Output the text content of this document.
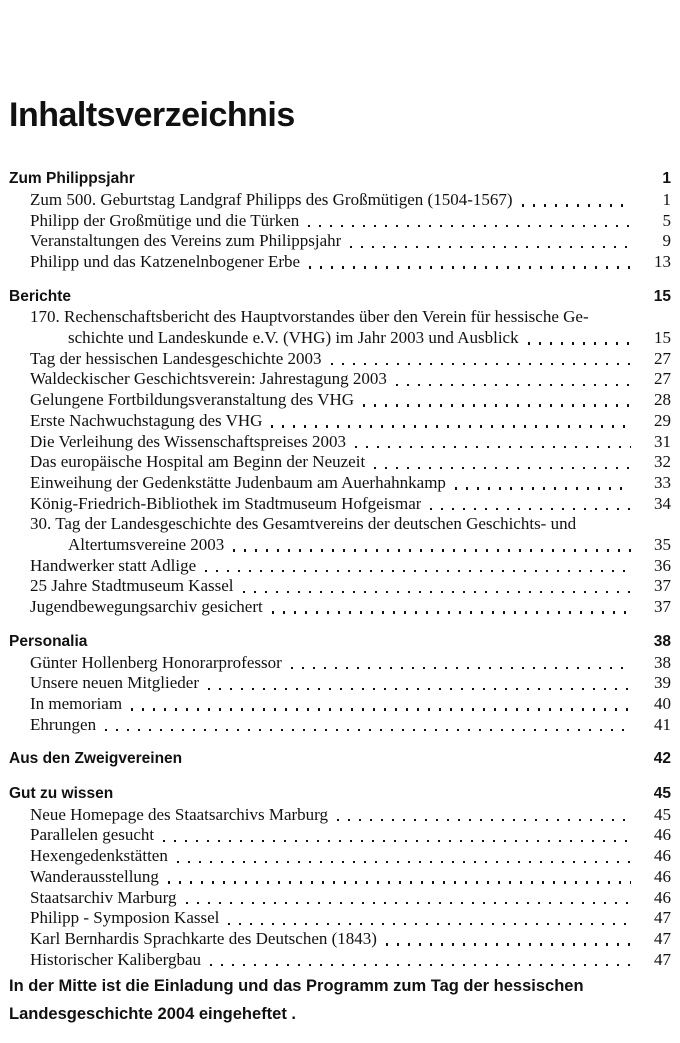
Inhaltsverzeichnis
Zum Philippsjahr	1
Zum 500. Geburtstag Landgraf Philipps des Großmütigen (1504-1567)	1
Philipp der Großmütige und die Türken	5
Veranstaltungen des Vereins zum Philippsjahr	9
Philipp und das Katzenelnbogener Erbe	13
Berichte	15
170. Rechenschaftsbericht des Hauptvorstandes über den Verein für hessische Ge-
schichte und Landeskunde e.V. (VHG) im Jahr 2003 und Ausblick	15
Tag der hessischen Landesgeschichte 2003	27
Waldeckischer Geschichtsverein: Jahrestagung 2003	27
Gelungene Fortbildungsveranstaltung des VHG	28
Erste Nachwuchstagung des VHG	29
Die Verleihung des Wissenschaftspreises 2003	31
Das europäische Hospital am Beginn der Neuzeit	32
Einweihung der Gedenkstätte Judenbaum am Auerhahnkamp	33
König-Friedrich-Bibliothek im Stadtmuseum Hofgeismar	34
30. Tag der Landesgeschichte des Gesamtvereins der deutschen Geschichts- und
Altertumsvereine 2003	35
Handwerker statt Adlige	36
25 Jahre Stadtmuseum Kassel	37
Jugendbewegungsarchiv gesichert	37
Personalia	38
Günter Hollenberg Honorarprofessor	38
Unsere neuen Mitglieder	39
In memoriam	40
Ehrungen	41
Aus den Zweigvereinen	42
Gut zu wissen	45
Neue Homepage des Staatsarchivs Marburg	45
Parallelen gesucht	46
Hexengedenkstätten	46
Wanderausstellung	46
Staatsarchiv Marburg	46
Philipp - Symposion Kassel	47
Karl Bernhardis Sprachkarte des Deutschen (1843)	47
Historischer Kalibergbau	47

In der Mitte ist die Einladung und das Programm zum Tag der hessischen
Landesgeschichte 2004 eingeheftet .
